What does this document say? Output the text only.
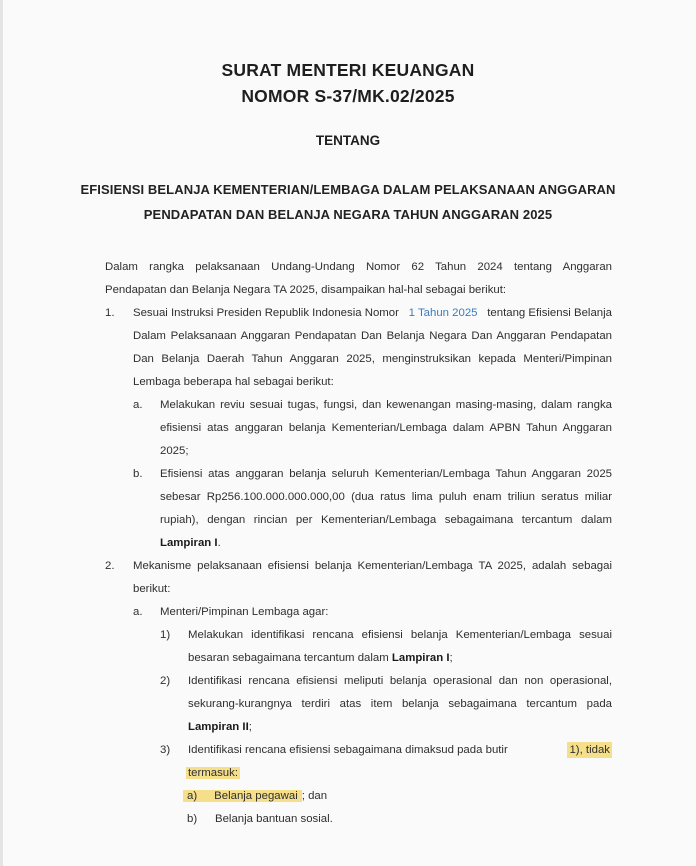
SURAT MENTERI KEUANGAN
NOMOR S-37/MK.02/2025
TENTANG
EFISIENSI BELANJA KEMENTERIAN/LEMBAGA DALAM PELAKSANAAN ANGGARAN
PENDAPATAN DAN BELANJA NEGARA TAHUN ANGGARAN 2025
Dalam rangka pelaksanaan Undang-Undang Nomor 62 Tahun 2024 tentang Anggaran
Pendapatan dan Belanja Negara TA 2025, disampaikan hal-hal sebagai berikut:
1. Sesuai Instruksi Presiden Republik Indonesia Nomor 1 Tahun 2025 tentang Efisiensi Belanja
Dalam Pelaksanaan Anggaran Pendapatan Dan Belanja Negara Dan Anggaran Pendapatan
Dan Belanja Daerah Tahun Anggaran 2025, menginstruksikan kepada Menteri/Pimpinan
Lembaga beberapa hal sebagai berikut:
a. Melakukan reviu sesuai tugas, fungsi, dan kewenangan masing-masing, dalam rangka
efisiensi atas anggaran belanja Kementerian/Lembaga dalam APBN Tahun Anggaran
2025;
b. Efisiensi atas anggaran belanja seluruh Kementerian/Lembaga Tahun Anggaran 2025
sebesar Rp256.100.000.000.000,00 (dua ratus lima puluh enam triliun seratus miliar
rupiah), dengan rincian per Kementerian/Lembaga sebagaimana tercantum dalam
Lampiran I.
2. Mekanisme pelaksanaan efisiensi belanja Kementerian/Lembaga TA 2025, adalah sebagai
berikut:
a. Menteri/Pimpinan Lembaga agar:
1) Melakukan identifikasi rencana efisiensi belanja Kementerian/Lembaga sesuai
besaran sebagaimana tercantum dalam Lampiran I;
2) Identifikasi rencana efisiensi meliputi belanja operasional dan non operasional,
sekurang-kurangnya terdiri atas item belanja sebagaimana tercantum pada
Lampiran II;
3) Identifikasi rencana efisiensi sebagaimana dimaksud pada butir	1), tidak
termasuk:
a) Belanja pegawai ; dan
b) Belanja bantuan sosial.
